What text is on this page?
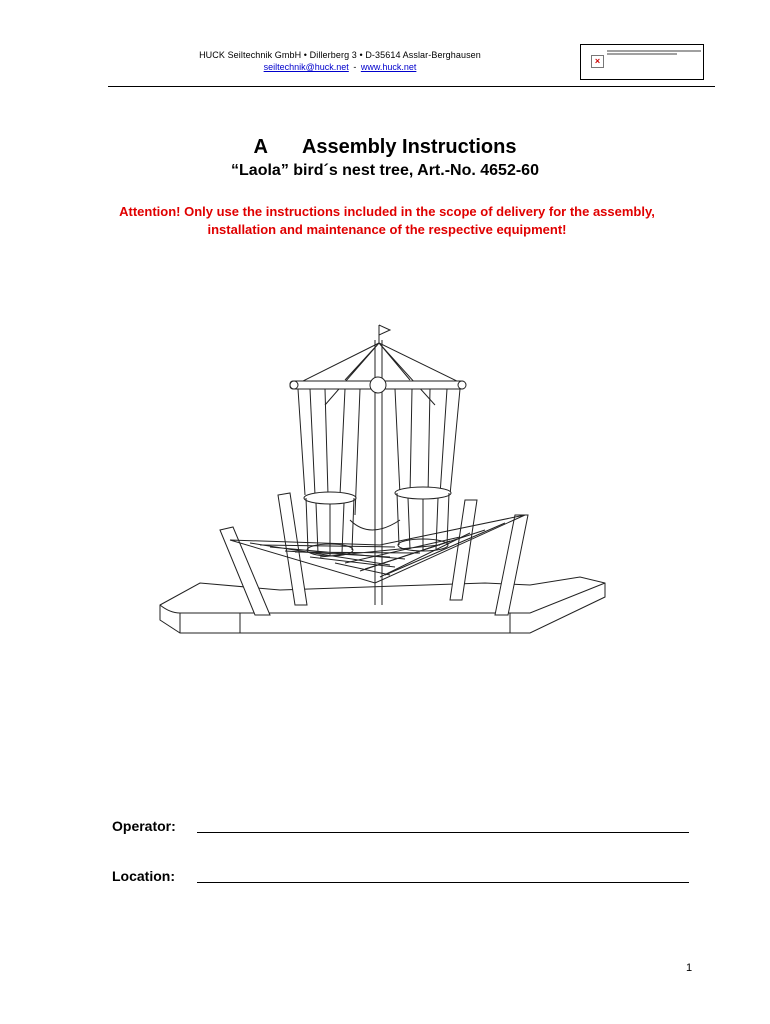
HUCK Seiltechnik GmbH • Dillerberg 3 • D-35614 Asslar-Berghausen
seiltechnik@huck.net - www.huck.net
×
A Assembly Instructions
“Laola” bird´s nest tree, Art.-No. 4652-60
Attention! Only use the instructions included in the scope of delivery for the assembly, installation and maintenance of the respective equipment!
Operator:
Location:
1
